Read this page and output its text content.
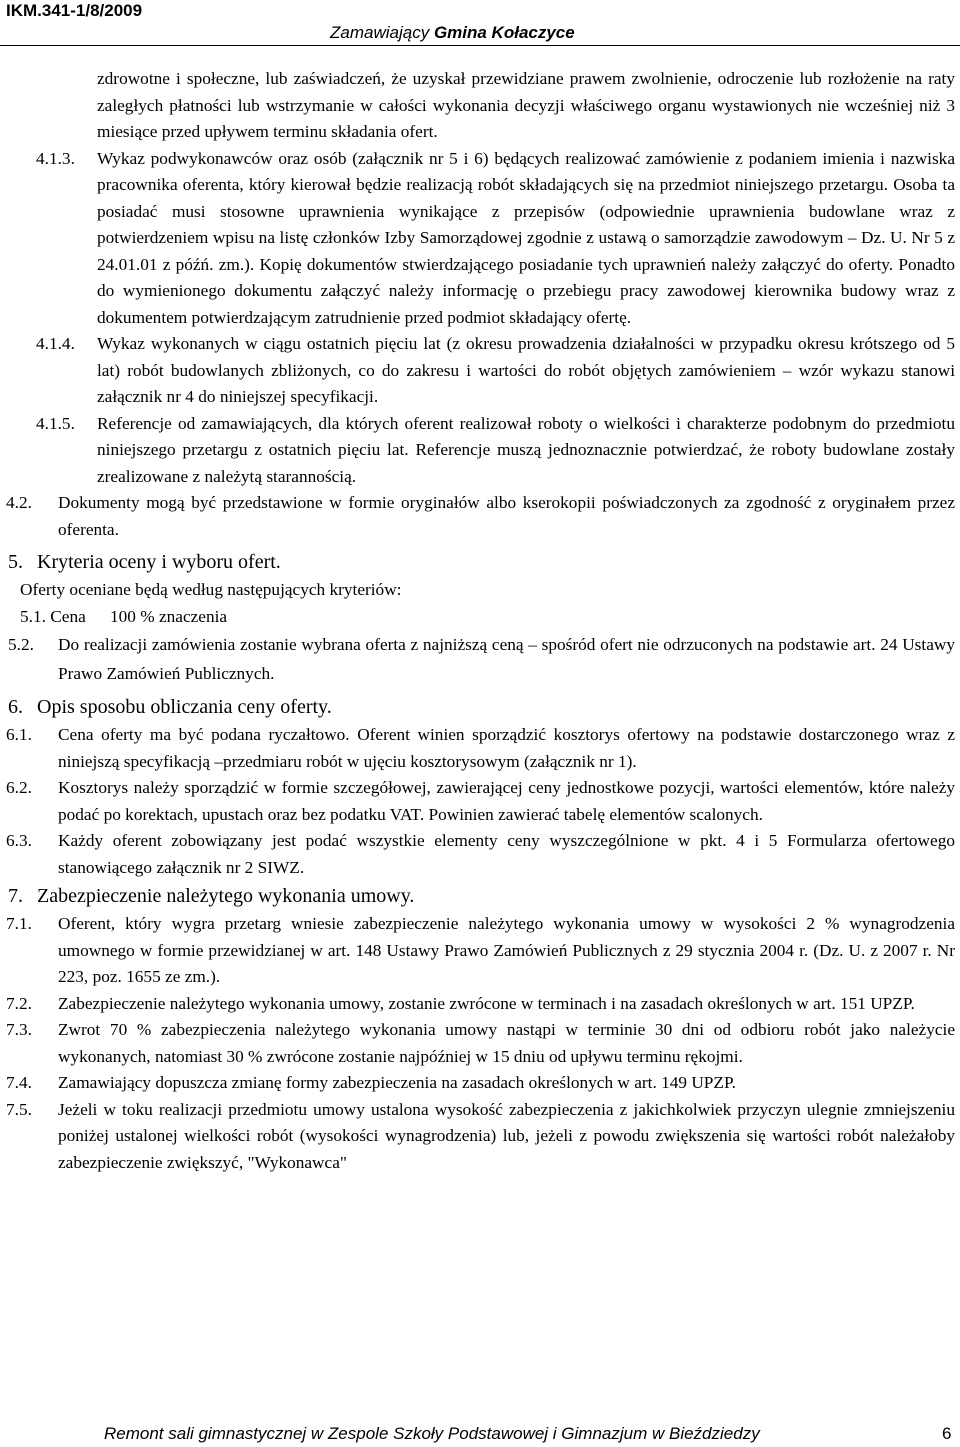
IKM.341-1/8/2009
Zamawiający Gmina Kołaczyce
zdrowotne i społeczne, lub zaświadczeń, że uzyskał przewidziane prawem zwolnienie, odroczenie lub rozłożenie na raty zaległych płatności lub wstrzymanie w całości wykonania decyzji właściwego organu wystawionych nie wcześniej niż 3 miesiące przed upływem terminu składania ofert.
4.1.3. Wykaz podwykonawców oraz osób (załącznik nr 5 i 6) będących realizować zamówienie z podaniem imienia i nazwiska pracownika oferenta, który kierował będzie realizacją robót składających się na przedmiot niniejszego przetargu. Osoba ta posiadać musi stosowne uprawnienia wynikające z przepisów (odpowiednie uprawnienia budowlane wraz z potwierdzeniem wpisu na listę członków Izby Samorządowej zgodnie z ustawą o samorządzie zawodowym – Dz. U. Nr 5 z 24.01.01 z późń. zm.). Kopię dokumentów stwierdzającego posiadanie tych uprawnień należy załączyć do oferty. Ponadto do wymienionego dokumentu załączyć należy informację o przebiegu pracy zawodowej kierownika budowy wraz z dokumentem potwierdzającym zatrudnienie przed podmiot składający ofertę.
4.1.4. Wykaz wykonanych w ciągu ostatnich pięciu lat (z okresu prowadzenia działalności w przypadku okresu krótszego od 5 lat) robót budowlanych zbliżonych, co do zakresu i wartości do robót objętych zamówieniem – wzór wykazu stanowi załącznik nr 4 do niniejszej specyfikacji.
4.1.5. Referencje od zamawiających, dla których oferent realizował roboty o wielkości i charakterze podobnym do przedmiotu niniejszego przetargu z ostatnich pięciu lat. Referencje muszą jednoznacznie potwierdzać, że roboty budowlane zostały zrealizowane z należytą starannością.
4.2. Dokumenty mogą być przedstawione w formie oryginałów albo kserokopii poświadczonych za zgodność z oryginałem przez oferenta.
5. Kryteria oceny i wyboru ofert.
Oferty oceniane będą według następujących kryteriów:
5.1. Cena 100 % znaczenia
5.2. Do realizacji zamówienia zostanie wybrana oferta z najniższą ceną – spośród ofert nie odrzuconych na podstawie art. 24 Ustawy Prawo Zamówień Publicznych.
6. Opis sposobu obliczania ceny oferty.
6.1. Cena oferty ma być podana ryczałtowo. Oferent winien sporządzić kosztorys ofertowy na podstawie dostarczonego wraz z niniejszą specyfikacją –przedmiaru robót w ujęciu kosztorysowym (załącznik nr 1).
6.2. Kosztorys należy sporządzić w formie szczegółowej, zawierającej ceny jednostkowe pozycji, wartości elementów, które należy podać po korektach, upustach oraz bez podatku VAT. Powinien zawierać tabelę elementów scalonych.
6.3. Każdy oferent zobowiązany jest podać wszystkie elementy ceny wyszczególnione w pkt. 4 i 5 Formularza ofertowego stanowiącego załącznik nr 2 SIWZ.
7. Zabezpieczenie należytego wykonania umowy.
7.1. Oferent, który wygra przetarg wniesie zabezpieczenie należytego wykonania umowy w wysokości 2 % wynagrodzenia umownego w formie przewidzianej w art. 148 Ustawy Prawo Zamówień Publicznych z 29 stycznia 2004 r. (Dz. U. z 2007 r. Nr 223, poz. 1655 ze zm.).
7.2. Zabezpieczenie należytego wykonania umowy, zostanie zwrócone w terminach i na zasadach określonych w art. 151 UPZP.
7.3. Zwrot 70 % zabezpieczenia należytego wykonania umowy nastąpi w terminie 30 dni od odbioru robót jako należycie wykonanych, natomiast 30 % zwrócone zostanie najpóźniej w 15 dniu od upływu terminu rękojmi.
7.4. Zamawiający dopuszcza zmianę formy zabezpieczenia na zasadach określonych w art. 149 UPZP.
7.5. Jeżeli w toku realizacji przedmiotu umowy ustalona wysokość zabezpieczenia z jakichkolwiek przyczyn ulegnie zmniejszeniu poniżej ustalonej wielkości robót (wysokości wynagrodzenia) lub, jeżeli z powodu zwiększenia się wartości robót należałoby zabezpieczenie zwiększyć, "Wykonawca"
Remont sali gimnastycznej w Zespole Szkoły Podstawowej i Gimnazjum w Bieździedzy	6
